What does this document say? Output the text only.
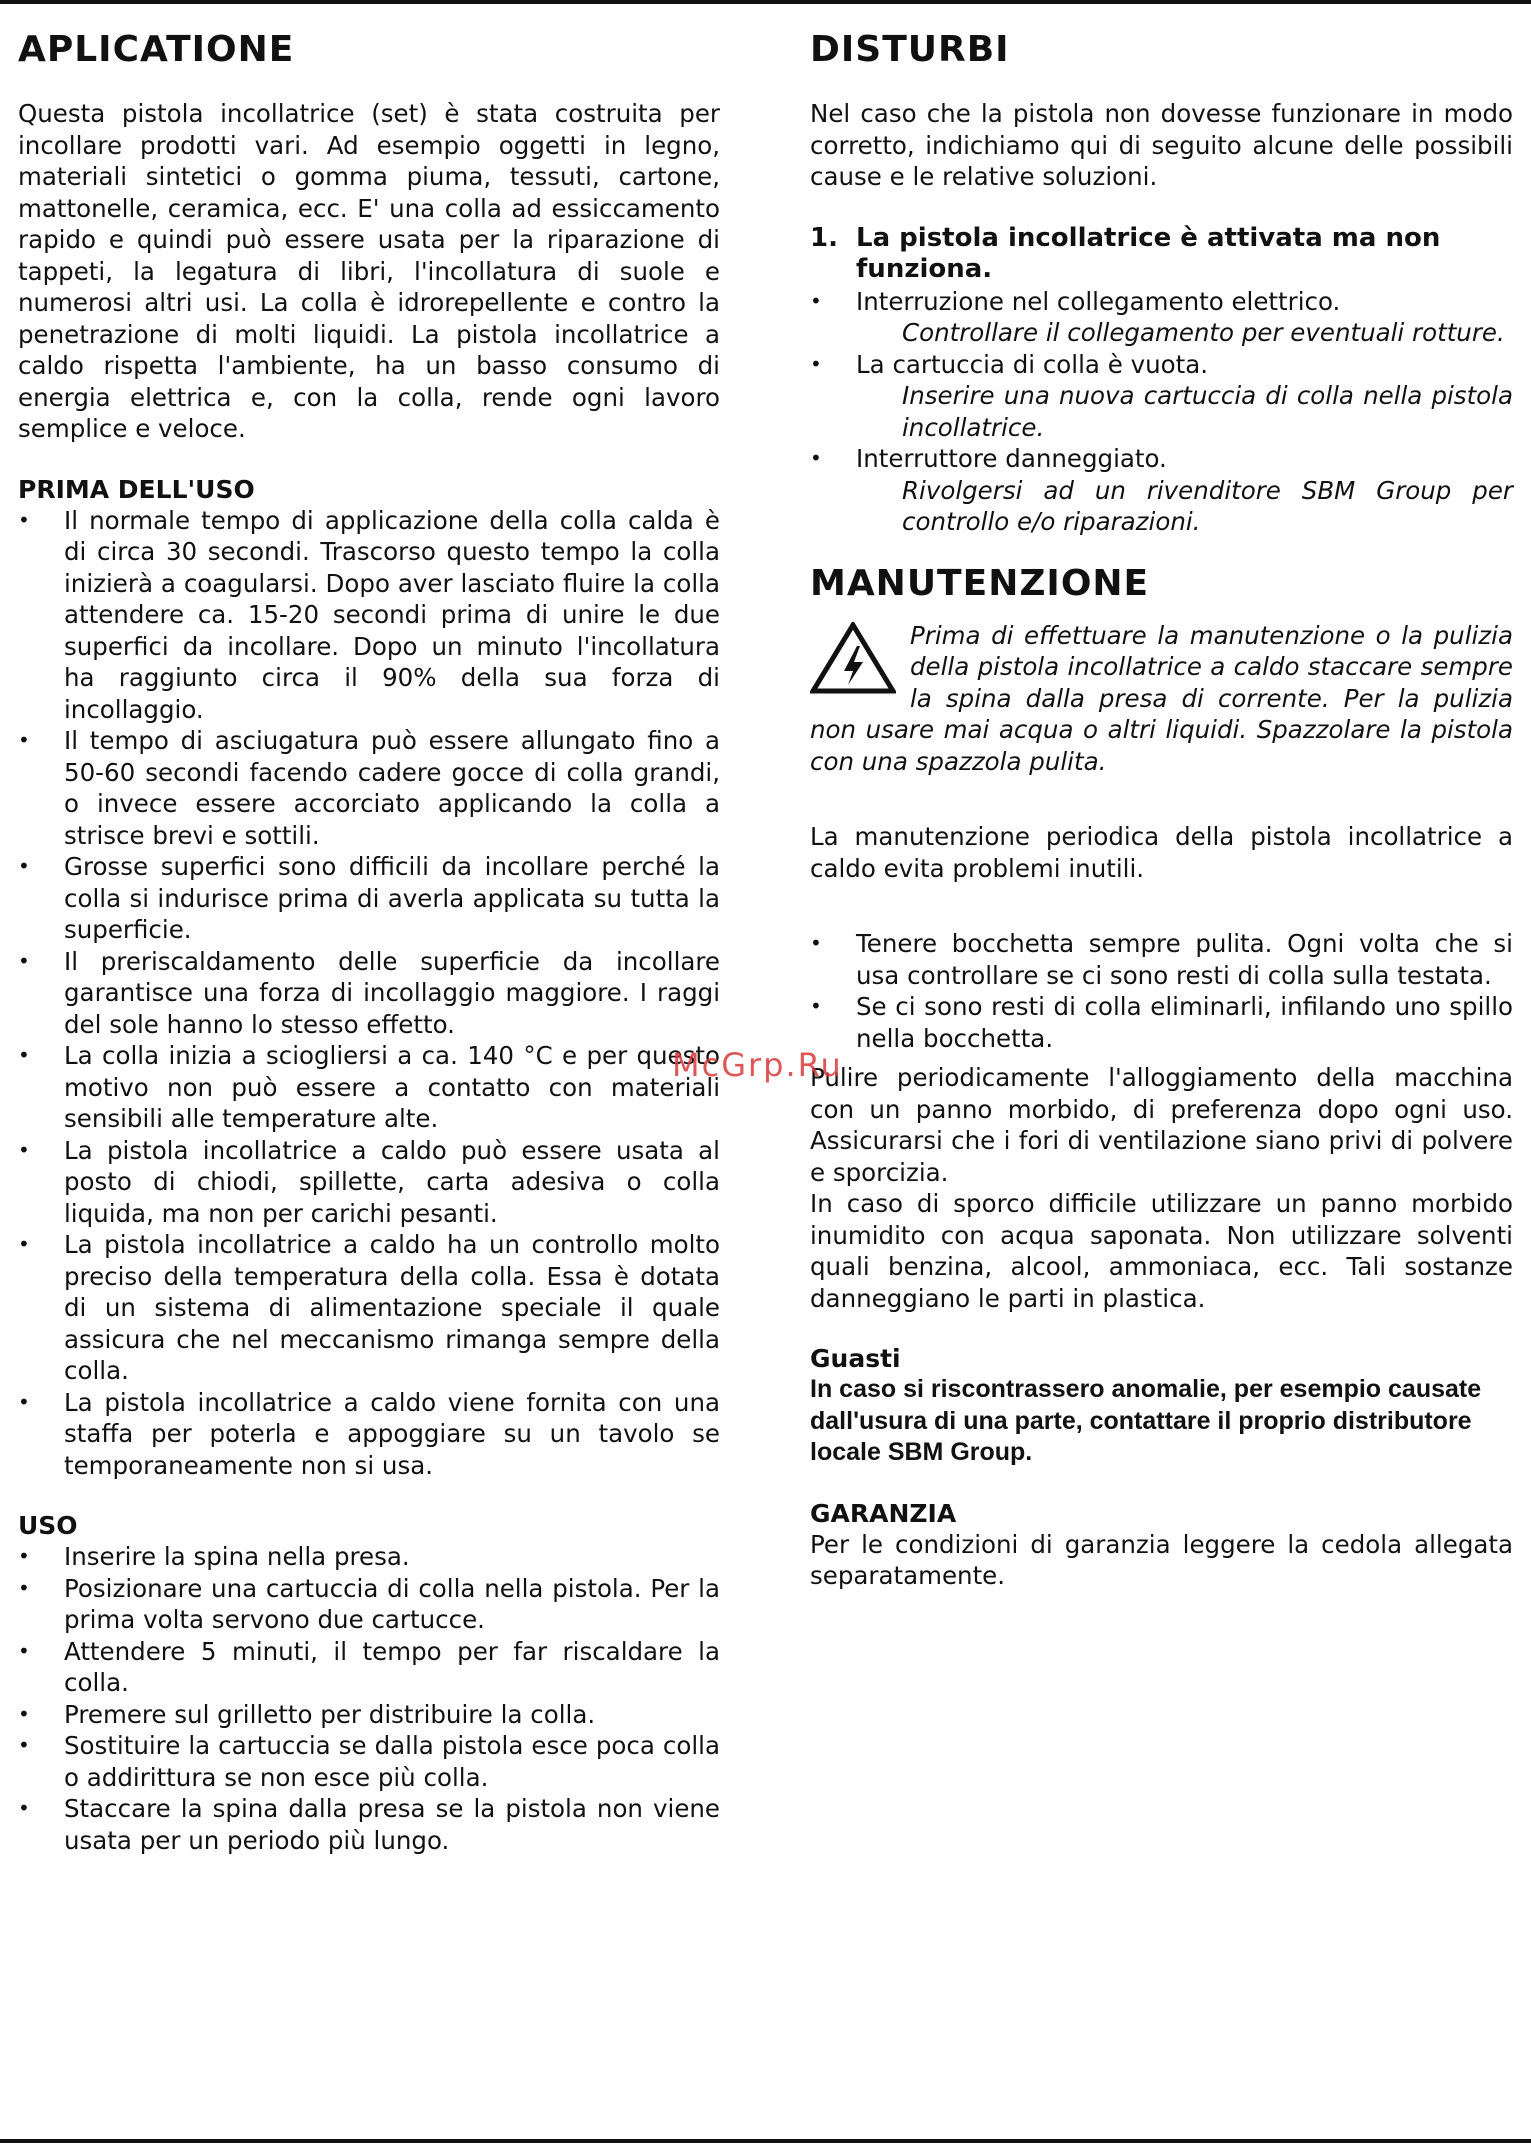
APLICATIONE

Questa pistola incollatrice (set) è stata costruita per incollare prodotti vari. Ad esempio oggetti in legno, materiali sintetici o gomma piuma, tessuti, cartone, mattonelle, ceramica, ecc. E' una colla ad essiccamento rapido e quindi può essere usata per la riparazione di tappeti, la legatura di libri, l'incollatura di suole e numerosi altri usi. La colla è idrorepellente e contro la penetrazione di molti liquidi. La pistola incollatrice a caldo rispetta l'ambiente, ha un basso consumo di energia elettrica e, con la colla, rende ogni lavoro semplice e veloce.

PRIMA DELL'USO
• Il normale tempo di applicazione della colla calda è di circa 30 secondi. Trascorso questo tempo la colla inizierà a coagularsi. Dopo aver lasciato fluire la colla attendere ca. 15-20 secondi prima di unire le due superfici da incollare. Dopo un minuto l'incollatura ha raggiunto circa il 90% della sua forza di incollaggio.
• Il tempo di asciugatura può essere allungato fino a 50-60 secondi facendo cadere gocce di colla grandi, o invece essere accorciato applicando la colla a strisce brevi e sottili.
• Grosse superfici sono difficili da incollare perché la colla si indurisce prima di averla applicata su tutta la superficie.
• Il preriscaldamento delle superficie da incollare garantisce una forza di incollaggio maggiore. I raggi del sole hanno lo stesso effetto.
• La colla inizia a sciogliersi a ca. 140 °C e per questo motivo non può essere a contatto con materiali sensibili alle temperature alte.
• La pistola incollatrice a caldo può essere usata al posto di chiodi, spillette, carta adesiva o colla liquida, ma non per carichi pesanti.
• La pistola incollatrice a caldo ha un controllo molto preciso della temperatura della colla. Essa è dotata di un sistema di alimentazione speciale il quale assicura che nel meccanismo rimanga sempre della colla.
• La pistola incollatrice a caldo viene fornita con una staffa per poterla e appoggiare su un tavolo se temporaneamente non si usa.
USO
• Inserire la spina nella presa.
• Posizionare una cartuccia di colla nella pistola. Per la prima volta servono due cartucce.
• Attendere 5 minuti, il tempo per far riscaldare la colla.
• Premere sul grilletto per distribuire la colla.
• Sostituire la cartuccia se dalla pistola esce poca colla o addirittura se non esce più colla.
• Staccare la spina dalla presa se la pistola non viene usata per un periodo più lungo.
DISTURBI

Nel caso che la pistola non dovesse funzionare in modo corretto, indichiamo qui di seguito alcune delle possibili cause e le relative soluzioni.

1. La pistola incollatrice è attivata ma non funziona.
• Interruzione nel collegamento elettrico.
Controllare il collegamento per eventuali rotture.
• La cartuccia di colla è vuota.
Inserire una nuova cartuccia di colla nella pistola incollatrice.
• Interruttore danneggiato.
Rivolgersi ad un rivenditore SBM Group per controllo e/o riparazioni.
MANUTENZIONE

Prima di effettuare la manutenzione o la pulizia della pistola incollatrice a caldo staccare sempre la spina dalla presa di corrente. Per la pulizia non usare mai acqua o altri liquidi. Spazzolare la pistola con una spazzola pulita.

La manutenzione periodica della pistola incollatrice a caldo evita problemi inutili.

• Tenere bocchetta sempre pulita. Ogni volta che si usa controllare se ci sono resti di colla sulla testata.
• Se ci sono resti di colla eliminarli, infilando uno spillo nella bocchetta.

Pulire periodicamente l'alloggiamento della macchina con un panno morbido, di preferenza dopo ogni uso. Assicurarsi che i fori di ventilazione siano privi di polvere e sporcizia.

In caso di sporco difficile utilizzare un panno morbido inumidito con acqua saponata. Non utilizzare solventi quali benzina, alcool, ammoniaca, ecc. Tali sostanze danneggiano le parti in plastica.

Guasti

In caso si riscontrassero anomalie, per esempio causate dall'usura di una parte, contattare il proprio distributore locale SBM Group.

GARANZIA

Per le condizioni di garanzia leggere la cedola allegata separatamente.

McGrp.Ru
